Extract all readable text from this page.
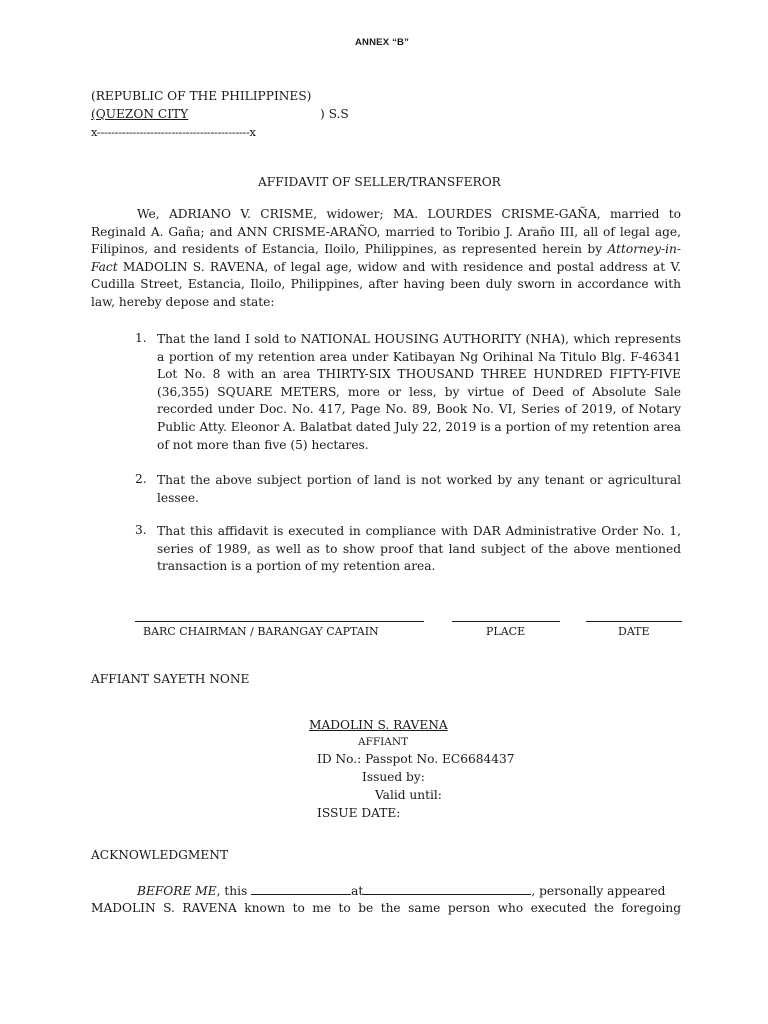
ANNEX “B”
(REPUBLIC OF THE PHILIPPINES)
(QUEZON CITY	) S.S
x-------------------------------------------x
AFFIDAVIT OF SELLER/TRANSFEROR
We, ADRIANO V. CRISME, widower; MA. LOURDES CRISME-GAÑA, married to Reginald A. Gaña; and ANN CRISME-ARAÑO, married to Toribio J. Araño III, all of legal age, Filipinos, and residents of Estancia, Iloilo, Philippines, as represented herein by Attorney-in-Fact MADOLIN S. RAVENA, of legal age, widow and with residence and postal address at V. Cudilla Street, Estancia, Iloilo, Philippines, after having been duly sworn in accordance with law, hereby depose and state:
1. That the land I sold to NATIONAL HOUSING AUTHORITY (NHA), which represents a portion of my retention area under Katibayan Ng Orihinal Na Titulo Blg. F-46341 Lot No. 8 with an area THIRTY-SIX THOUSAND THREE HUNDRED FIFTY-FIVE (36,355) SQUARE METERS, more or less, by virtue of Deed of Absolute Sale recorded under Doc. No. 417, Page No. 89, Book No. VI, Series of 2019, of Notary Public Atty. Eleonor A. Balatbat dated July 22, 2019 is a portion of my retention area of not more than five (5) hectares.
2. That the above subject portion of land is not worked by any tenant or agricultural lessee.
3. That this affidavit is executed in compliance with DAR Administrative Order No. 1, series of 1989, as well as to show proof that land subject of the above mentioned transaction is a portion of my retention area.
BARC CHAIRMAN / BARANGAY CAPTAIN	PLACE	DATE
AFFIANT SAYETH NONE
MADOLIN S. RAVENA
AFFIANT
ID No.: Passpot No. EC6684437
Issued by:
Valid until:
ISSUE DATE:
ACKNOWLEDGMENT
BEFORE ME, this	at	, personally appeared
MADOLIN S. RAVENA known to me to be the same person who executed the foregoing
